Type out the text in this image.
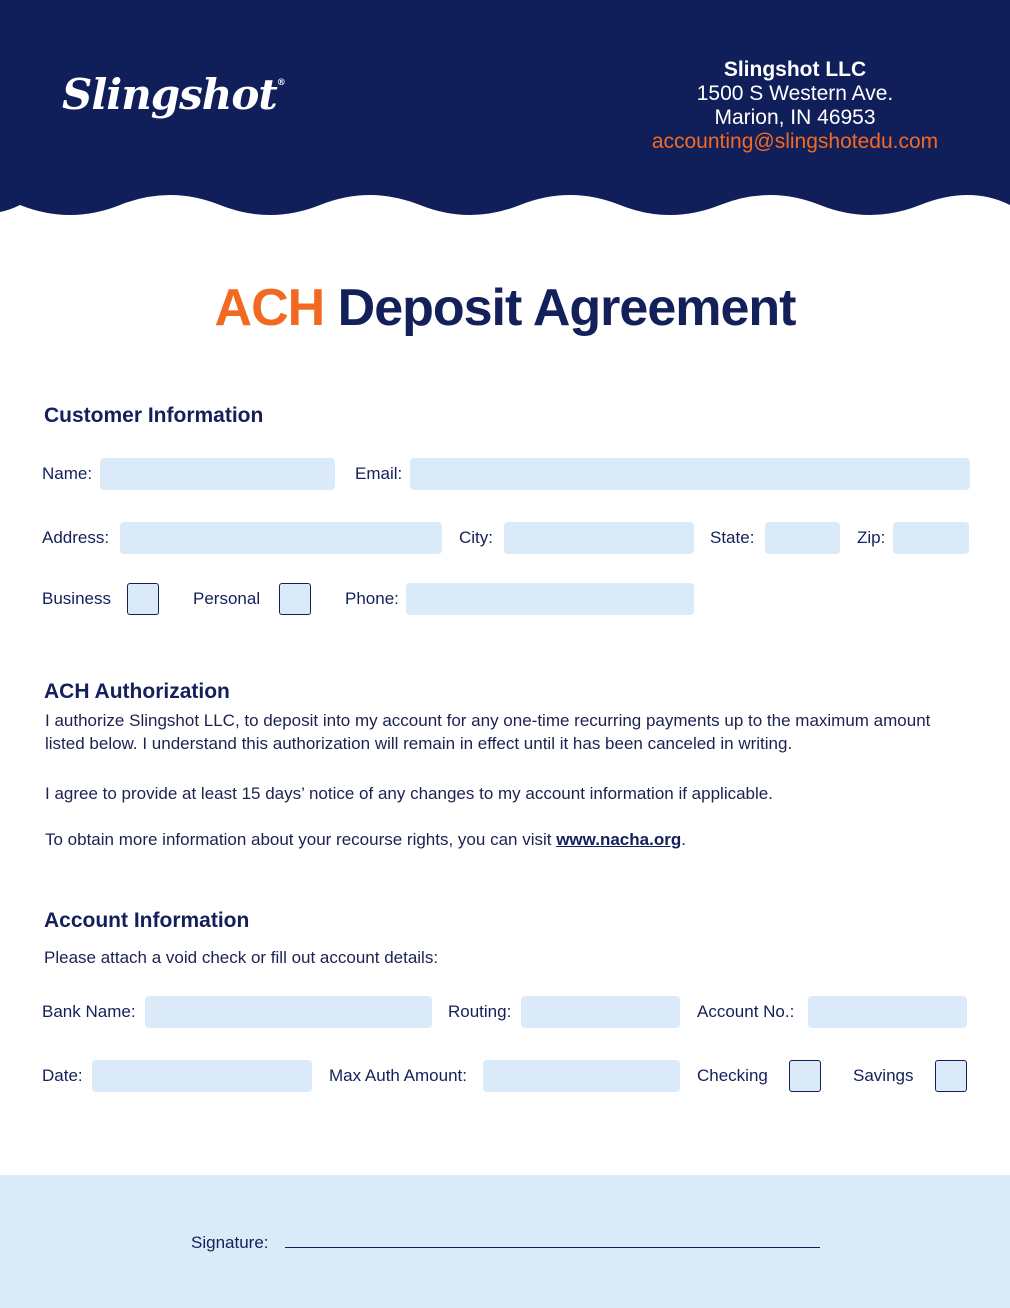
Slingshot®
Slingshot LLC
1500 S Western Ave.
Marion, IN 46953
accounting@slingshotedu.com
ACH Deposit Agreement
Customer Information
Name:	Email:
Address:	City:	State:	Zip:
Business	Personal	Phone:
ACH Authorization

I authorize Slingshot LLC, to deposit into my account for any one-time recurring payments up to the maximum amount listed below. I understand this authorization will remain in effect until it has been canceled in writing.

I agree to provide at least 15 days’ notice of any changes to my account information if applicable.

To obtain more information about your recourse rights, you can visit www.nacha.org.

Account Information

Please attach a void check or fill out account details:

Bank Name:	Routing:	Account No.:
Date:	Max Auth Amount:	Checking	Savings
Signature:
